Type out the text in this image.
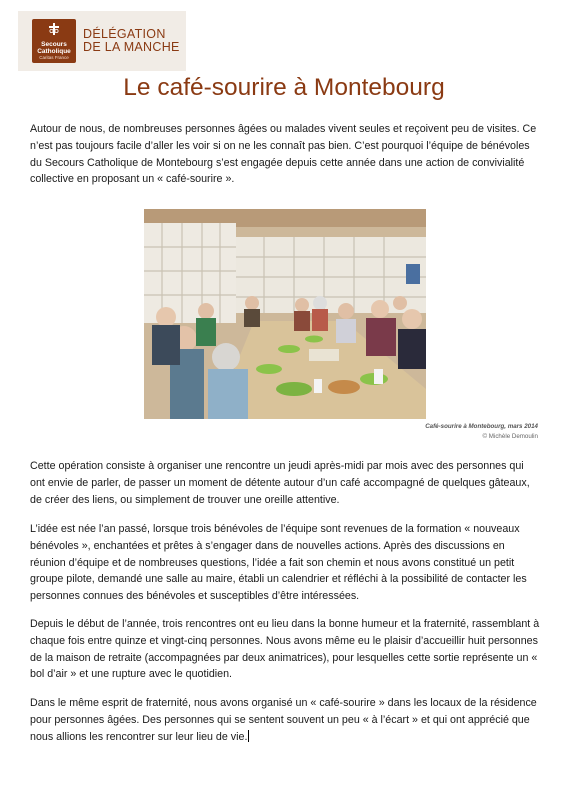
Secours
Catholique
Caritas France
DÉLÉGATION
DE LA MANCHE
Le café-sourire à Montebourg

Autour de nous, de nombreuses personnes âgées ou malades vivent seules et reçoivent peu de visites. Ce n’est pas toujours facile d’aller les voir si on ne les connaît pas bien. C’est pourquoi l’équipe de bénévoles du Secours Catholique de Montebourg s’est engagée depuis cette année dans une action de convivialité collective en proposant un « café-sourire ».

Café-sourire à Montebourg, mars 2014
© Michèle Demoulin

Cette opération consiste à organiser une rencontre un jeudi après-midi par mois avec des personnes qui ont envie de parler, de passer un moment de détente autour d’un café accompagné de quelques gâteaux, de créer des liens, ou simplement de trouver une oreille attentive.

L’idée est née l’an passé, lorsque trois bénévoles de l’équipe sont revenues de la formation « nouveaux bénévoles », enchantées et prêtes à s’engager dans de nouvelles actions. Après des discussions en réunion d’équipe et de nombreuses questions, l’idée a fait son chemin et nous avons constitué un petit groupe pilote, demandé une salle au maire, établi un calendrier et réfléchi à la possibilité de contacter les personnes connues des bénévoles et susceptibles d’être intéressées.

Depuis le début de l’année, trois rencontres ont eu lieu dans la bonne humeur et la fraternité, rassemblant à chaque fois entre quinze et vingt-cinq personnes. Nous avons même eu le plaisir d’accueillir huit personnes de la maison de retraite (accompagnées par deux animatrices), pour lesquelles cette sortie représente un « bol d’air » et une rupture avec le quotidien.

Dans le même esprit de fraternité, nous avons organisé un « café-sourire » dans les locaux de la résidence pour personnes âgées. Des personnes qui se sentent souvent un peu « à l’écart » et qui ont apprécié que nous allions les rencontrer sur leur lieu de vie.
